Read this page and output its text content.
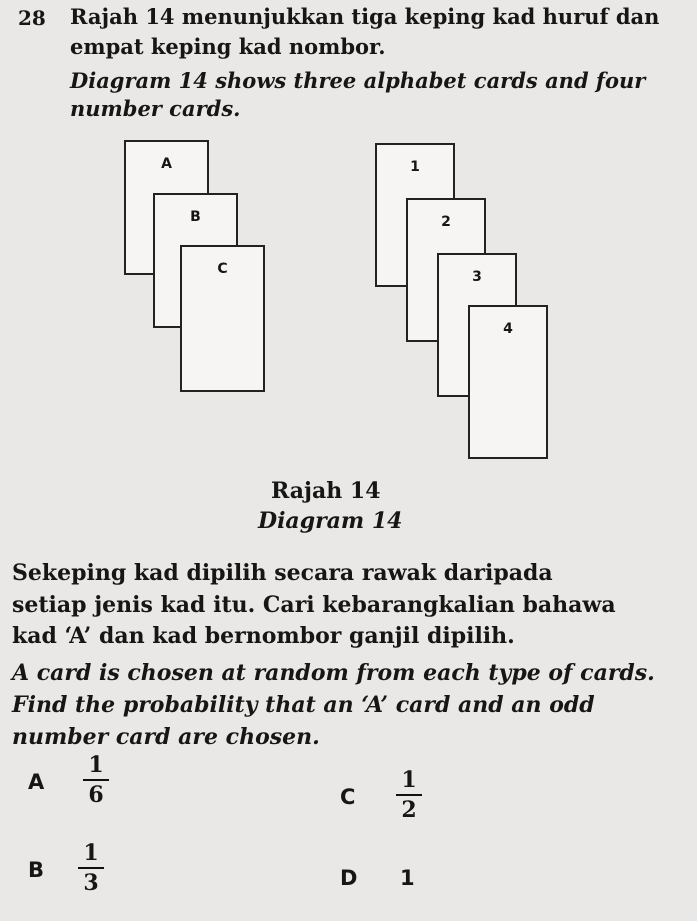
28 Rajah 14 menunjukkan tiga keping kad huruf dan
empat keping kad nombor.
Diagram 14 shows three alphabet cards and four
number cards.
A
B
C
1
2
3
4
Rajah 14
Diagram 14
Sekeping kad dipilih secara rawak daripada
setiap jenis kad itu. Cari kebarangkalian bahawa
kad ‘A’ dan kad bernombor ganjil dipilih.
A card is chosen at random from each type of cards.
Find the probability that an ‘A’ card and an odd
number card are chosen.
A
1
6
B
1
3
C
1
2
D 1
